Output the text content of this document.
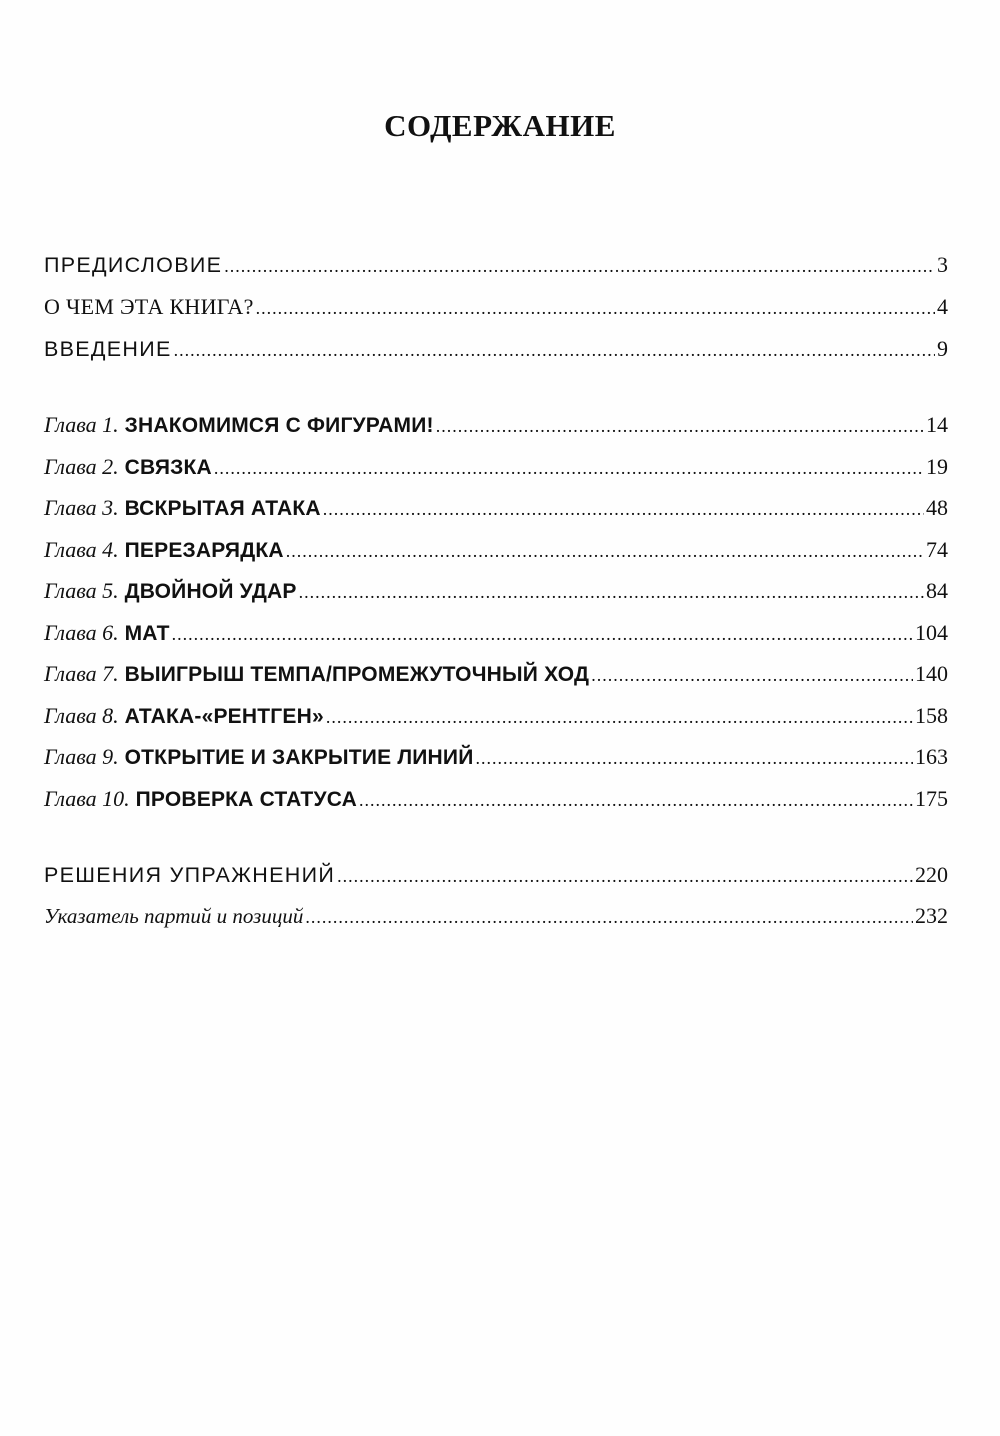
СОДЕРЖАНИЕ
ПРЕДИСЛОВИЕ .....	3
О ЧЕМ ЭТА КНИГА? .....	4
ВВЕДЕНИЕ .....	9
Глава 1. ЗНАКОМИМСЯ С ФИГУРАМИ! .....	14
Глава 2. СВЯЗКА .....	19
Глава 3. ВСКРЫТАЯ АТАКА .....	48
Глава 4. ПЕРЕЗАРЯДКА .....	74
Глава 5. ДВОЙНОЙ УДАР .....	84
Глава 6. МАТ .....	104
Глава 7. ВЫИГРЫШ ТЕМПА/ПРОМЕЖУТОЧНЫЙ ХОД .....	140
Глава 8. АТАКА-«РЕНТГЕН» .....	158
Глава 9. ОТКРЫТИЕ И ЗАКРЫТИЕ ЛИНИЙ .....	163
Глава 10. ПРОВЕРКА СТАТУСА .....	175
РЕШЕНИЯ УПРАЖНЕНИЙ .....	220
Указатель партий и позиций .....	232
